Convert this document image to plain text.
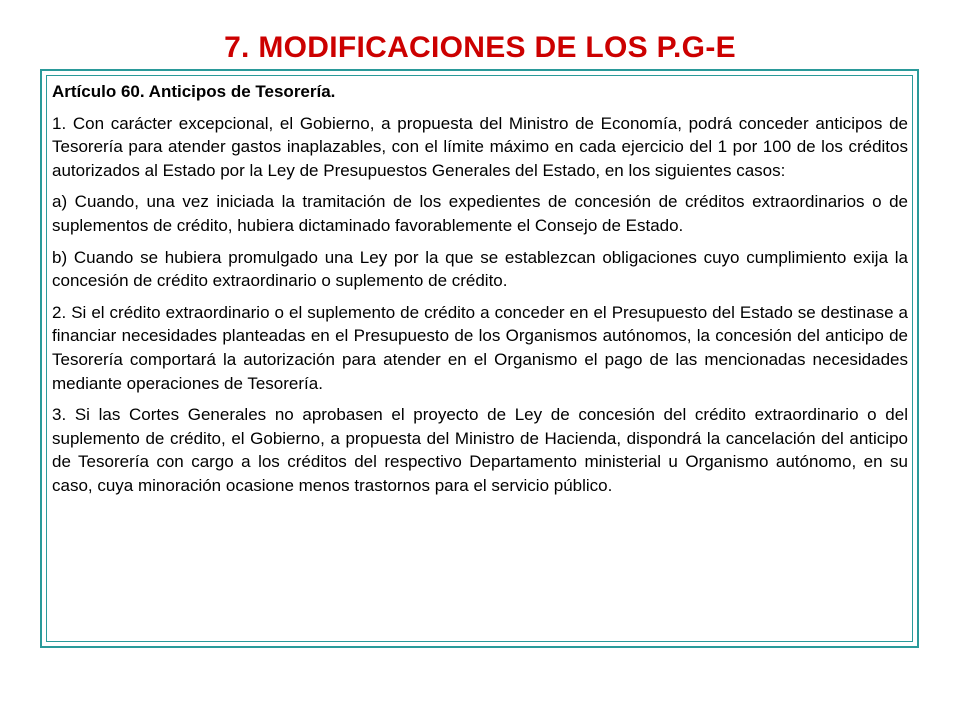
7. MODIFICACIONES DE LOS P.G-E

Artículo 60. Anticipos de Tesorería.

1. Con carácter excepcional, el Gobierno, a propuesta del Ministro de Economía, podrá conceder anticipos de Tesorería para atender gastos inaplazables, con el límite máximo en cada ejercicio del 1 por 100 de los créditos autorizados al Estado por la Ley de Presupuestos Generales del Estado, en los siguientes casos:

a) Cuando, una vez iniciada la tramitación de los expedientes de concesión de créditos extraordinarios o de suplementos de crédito, hubiera dictaminado favorablemente el Consejo de Estado.

b) Cuando se hubiera promulgado una Ley por la que se establezcan obligaciones cuyo cumplimiento exija la concesión de crédito extraordinario o suplemento de crédito.

2. Si el crédito extraordinario o el suplemento de crédito a conceder en el Presupuesto del Estado se destinase a financiar necesidades planteadas en el Presupuesto de los Organismos autónomos, la concesión del anticipo de Tesorería comportará la autorización para atender en el Organismo el pago de las mencionadas necesidades mediante operaciones de Tesorería.

3. Si las Cortes Generales no aprobasen el proyecto de Ley de concesión del crédito extraordinario o del suplemento de crédito, el Gobierno, a propuesta del Ministro de Hacienda, dispondrá la cancelación del anticipo de Tesorería con cargo a los créditos del respectivo Departamento ministerial u Organismo autónomo, en su caso, cuya minoración ocasione menos trastornos para el servicio público.
